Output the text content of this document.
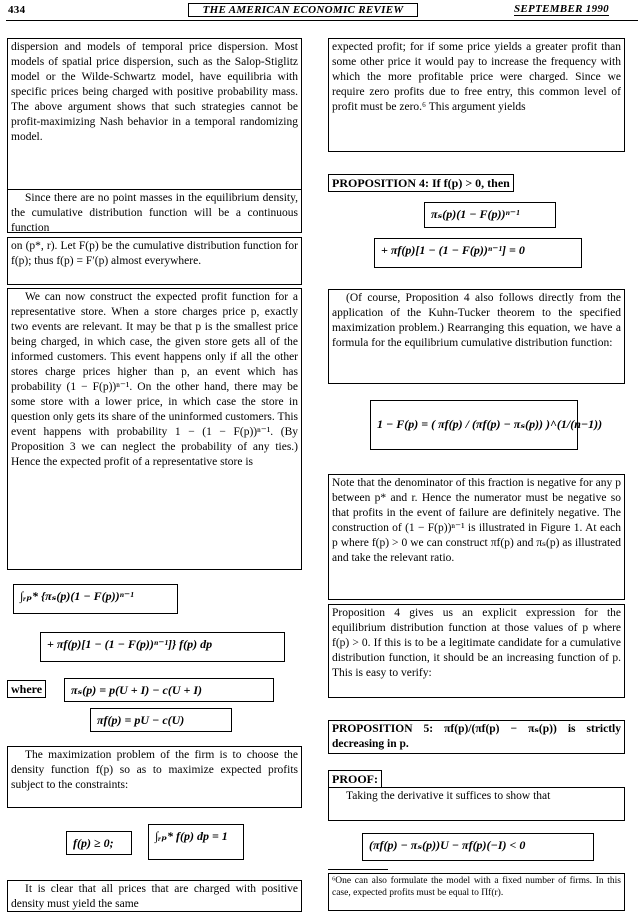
434	THE AMERICAN ECONOMIC REVIEW	SEPTEMBER 1990

dispersion and models of temporal price dispersion. Most models of spatial price dispersion, such as the Salop-Stiglitz model or the Wilde-Schwartz model, have equilibria with specific prices being charged with positive probability mass. The above argument shows that such strategies cannot be profit-maximizing Nash behavior in a temporal randomizing model.

Since there are no point masses in the equilibrium density, the cumulative distribution function will be a continuous function

on (p*, r). Let F(p) be the cumulative distribution function for f(p); thus f(p) = F′(p) almost everywhere.

We can now construct the expected profit function for a representative store. When a store charges price p, exactly two events are relevant. It may be that p is the smallest price being charged, in which case, the given store gets all of the informed customers. This event happens only if all the other stores charge prices higher than p, an event which has probability (1 − F(p))ⁿ⁻¹. On the other hand, there may be some store with a lower price, in which case the store in question only gets its share of the uninformed customers. This event happens with probability 1 − (1 − F(p))ⁿ⁻¹. (By Proposition 3 we can neglect the probability of any ties.) Hence the expected profit of a representative store is

∫ᵣₚ* {πₛ(p)(1 − F(p))ⁿ⁻¹
+ πf(p)[1 − (1 − F(p))ⁿ⁻¹]} f(p) dp
where	πₛ(p) = p(U + I) − c(U + I)
πf(p) = pU − c(U)

The maximization problem of the firm is to choose the density function f(p) so as to maximize expected profits subject to the constraints:

f(p) ≥ 0;	∫ᵣₚ* f(p) dp = 1

It is clear that all prices that are charged with positive density must yield the same

expected profit; for if some price yields a greater profit than some other price it would pay to increase the frequency with which the more profitable price were charged. Since we require zero profits due to free entry, this common level of profit must be zero.⁶ This argument yields

PROPOSITION 4: If f(p) > 0, then
πₛ(p)(1 − F(p))ⁿ⁻¹
+ πf(p)[1 − (1 − F(p))ⁿ⁻¹] = 0

(Of course, Proposition 4 also follows directly from the application of the Kuhn-Tucker theorem to the specified maximization problem.) Rearranging this equation, we have a formula for the equilibrium cumulative distribution function:

1 − F(p) = ( πf(p) / (πf(p) − πₛ(p)) )^(1/(n−1))

Note that the denominator of this fraction is negative for any p between p* and r. Hence the numerator must be negative so that profits in the event of failure are definitely negative. The construction of (1 − F(p))ⁿ⁻¹ is illustrated in Figure 1. At each p where f(p) > 0 we can construct πf(p) and πₛ(p) as illustrated and take the relevant ratio.

Proposition 4 gives us an explicit expression for the equilibrium distribution function at those values of p where f(p) > 0. If this is to be a legitimate candidate for a cumulative distribution function, it should be an increasing function of p. This is easy to verify:

PROPOSITION 5: πf(p)/(πf(p) − πₛ(p)) is strictly decreasing in p.

PROOF:

Taking the derivative it suffices to show that

(πf(p) − πₛ(p))U − πf(p)(−I) < 0
⁶One can also formulate the model with a fixed number of firms. In this case, expected profits must be equal to Πf(r).
